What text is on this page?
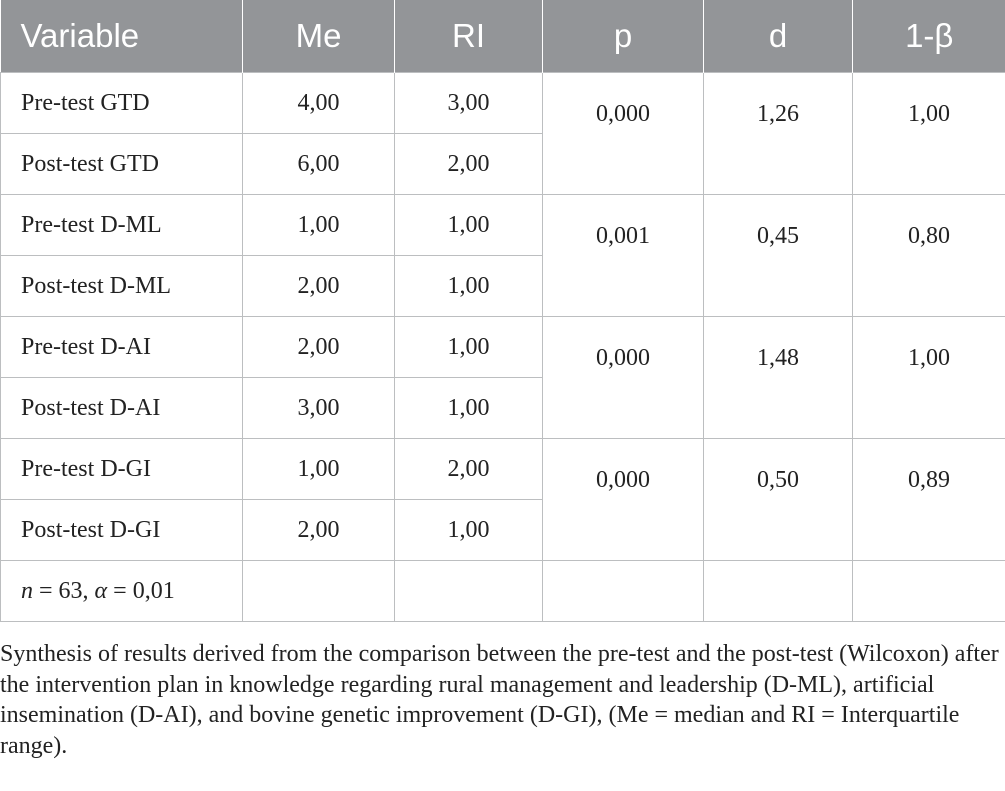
Variable	Me	RI	p	d	1-β
Pre-test GTD	4,00	3,00	0,000	1,26	1,00
Post-test GTD	6,00	2,00			
Pre-test D-ML	1,00	1,00	0,001	0,45	0,80
Post-test D-ML	2,00	1,00			
Pre-test D-AI	2,00	1,00	0,000	1,48	1,00
Post-test D-AI	3,00	1,00			
Pre-test D-GI	1,00	2,00	0,000	0,50	0,89
Post-test D-GI	2,00	1,00			
n = 63, α = 0,01					

Synthesis of results derived from the comparison between the pre-test and the post-test (Wilcoxon) after the intervention plan in knowledge regarding rural management and leadership (D-ML), artificial insemination (D-AI), and bovine genetic improvement (D-GI), (Me = median and RI = Interquartile range).
